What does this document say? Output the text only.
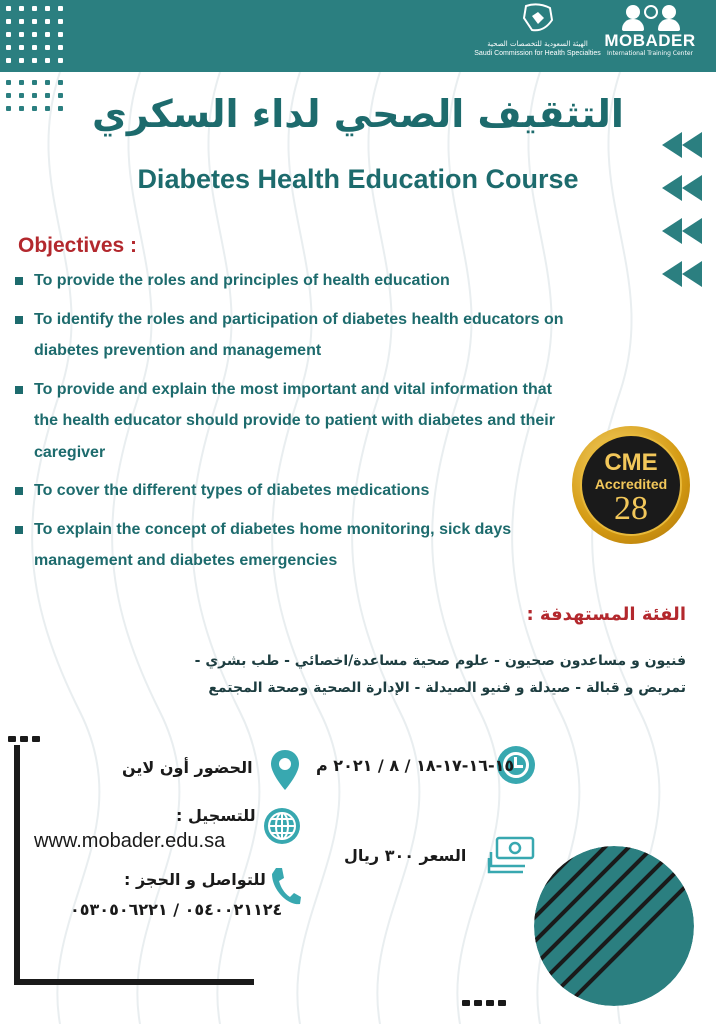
MOBADER
International Training Center
الهيئة السعودية للتخصصات الصحية
Saudi Commission for Health Specialties
التثقيف الصحي لداء السكري
Diabetes Health Education Course
Objectives :
To provide the roles and principles of health education
To identify the roles and participation of diabetes health educators on diabetes prevention and management
To provide and explain the most important and vital information that the health educator should provide to patient with diabetes and their caregiver
To cover the different types of diabetes medications
To explain the concept of diabetes home monitoring, sick days management and diabetes emergencies
CME
Accredited
28
الفئة المستهدفة :
فنيون و مساعدون صحيون - علوم صحية مساعدة/اخصائي - طب بشري -
تمريض و قبالة - صيدلة و فنيو الصيدلة - الإدارة الصحية وصحة المجتمع
١٥-١٦-١٧-١٨ / ٨ / ٢٠٢١ م
الحضور أون لاين
للتسجيل :
www.mobader.edu.sa
للتواصل و الحجز :
٠٥٤٠٠٢١١٢٤ / ٠٥٣٠٥٠٦٢٢١
السعر ٣٠٠ ريال
